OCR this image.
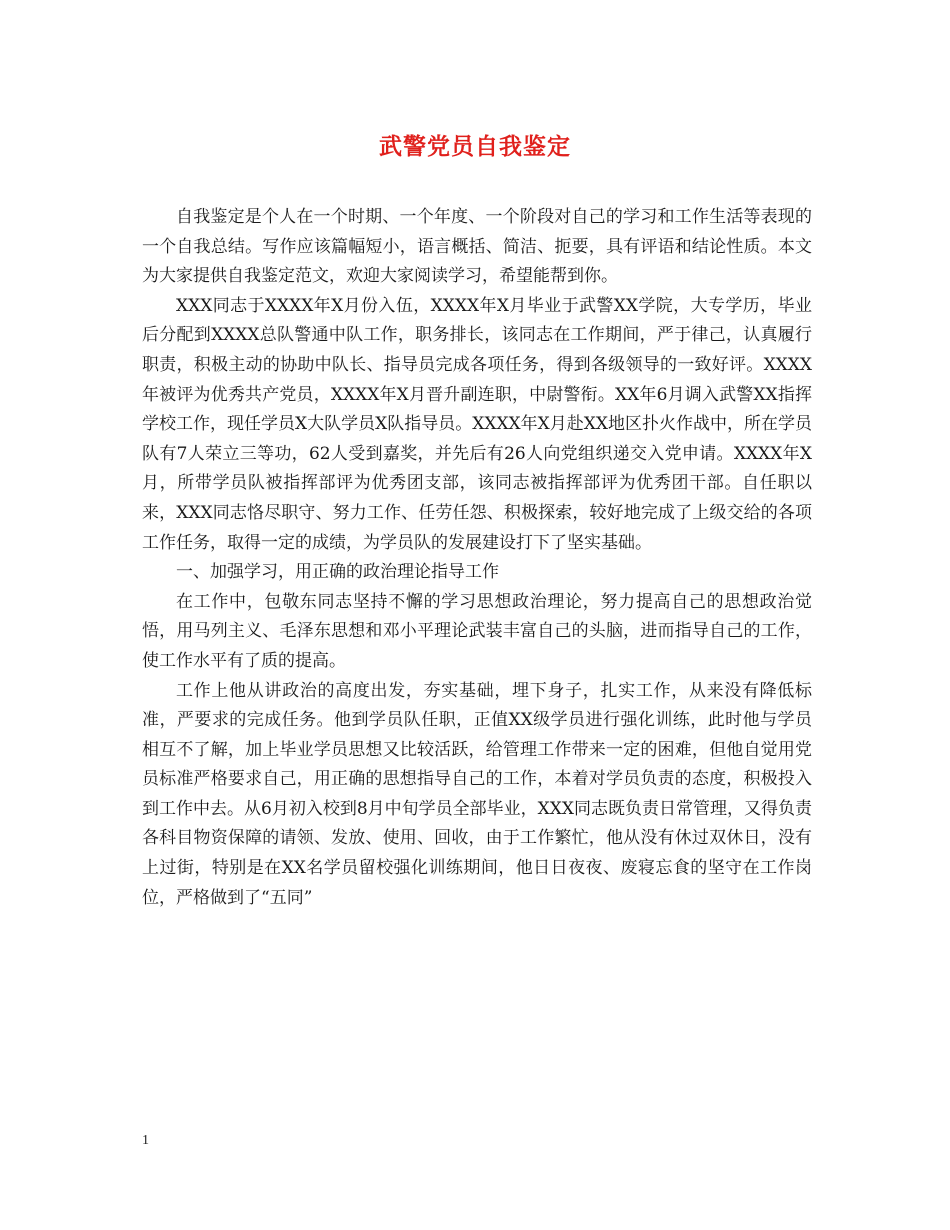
武警党员自我鉴定

自我鉴定是个人在一个时期、一个年度、一个阶段对自己的学习和工作生活等表现的一个自我总结。写作应该篇幅短小，语言概括、简洁、扼要，具有评语和结论性质。本文为大家提供自我鉴定范文，欢迎大家阅读学习，希望能帮到你。

XXX同志于XXXX年X月份入伍，XXXX年X月毕业于武警XX学院，大专学历，毕业后分配到XXXX总队警通中队工作，职务排长，该同志在工作期间，严于律己，认真履行职责，积极主动的协助中队长、指导员完成各项任务，得到各级领导的一致好评。XXXX年被评为优秀共产党员，XXXX年X月晋升副连职，中尉警衔。XX年6月调入武警XX指挥学校工作，现任学员X大队学员X队指导员。XXXX年X月赴XX地区扑火作战中，所在学员队有7人荣立三等功，62人受到嘉奖，并先后有26人向党组织递交入党申请。XXXX年X月，所带学员队被指挥部评为优秀团支部，该同志被指挥部评为优秀团干部。自任职以来，XXX同志恪尽职守、努力工作、任劳任怨、积极探索，较好地完成了上级交给的各项工作任务，取得一定的成绩，为学员队的发展建设打下了坚实基础。

一、加强学习，用正确的政治理论指导工作

在工作中，包敬东同志坚持不懈的学习思想政治理论，努力提高自己的思想政治觉悟，用马列主义、毛泽东思想和邓小平理论武装丰富自己的头脑，进而指导自己的工作，使工作水平有了质的提高。

工作上他从讲政治的高度出发，夯实基础，埋下身子，扎实工作，从来没有降低标准，严要求的完成任务。他到学员队任职，正值XX级学员进行强化训练，此时他与学员相互不了解，加上毕业学员思想又比较活跃，给管理工作带来一定的困难，但他自觉用党员标准严格要求自己，用正确的思想指导自己的工作，本着对学员负责的态度，积极投入到工作中去。从6月初入校到8月中旬学员全部毕业，XXX同志既负责日常管理，又得负责各科目物资保障的请领、发放、使用、回收，由于工作繁忙，他从没有休过双休日，没有上过街，特别是在XX名学员留校强化训练期间，他日日夜夜、废寝忘食的坚守在工作岗位，严格做到了“五同”

1
